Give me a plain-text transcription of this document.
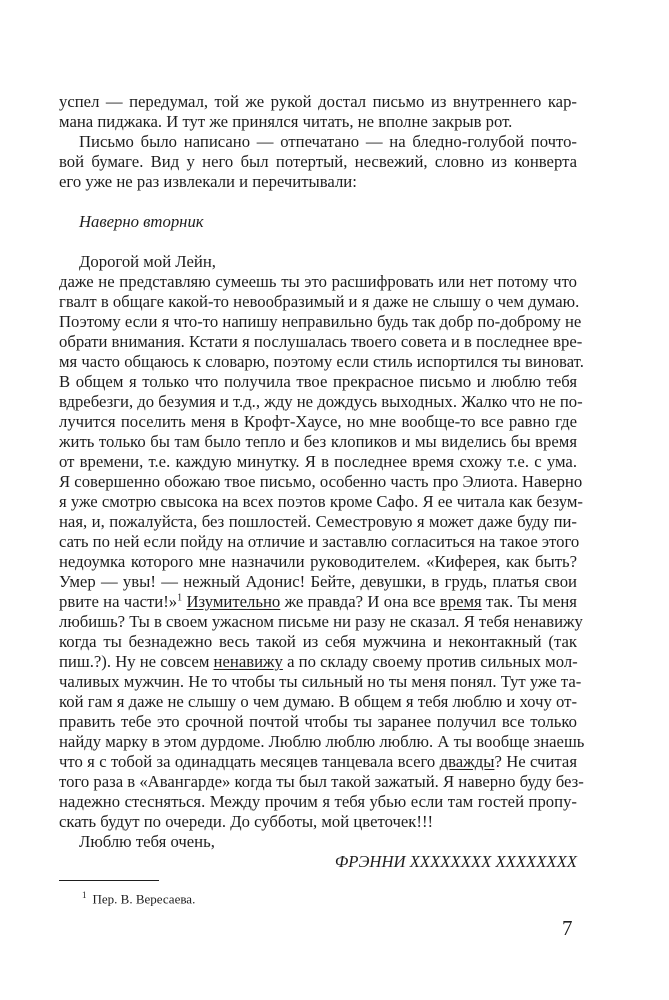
успел — передумал, той же рукой достал письмо из внутреннего кар-
мана пиджака. И тут же принялся читать, не вполне закрыв рот.
Письмо было написано — отпечатано — на бледно-голубой почто-
вой бумаге. Вид у него был потертый, несвежий, словно из конверта
его уже не раз извлекали и перечитывали:
Наверно вторник
Дорогой мой Лейн,
даже не представляю сумеешь ты это расшифровать или нет потому что
гвалт в общаге какой-то невообразимый и я даже не слышу о чем думаю.
Поэтому если я что-то напишу неправильно будь так добр по-доброму не
обрати внимания. Кстати я послушалась твоего совета и в последнее вре-
мя часто общаюсь к словарю, поэтому если стиль испортился ты виноват.
В общем я только что получила твое прекрасное письмо и люблю тебя
вдребезги, до безумия и т.д., жду не дождусь выходных. Жалко что не по-
лучится поселить меня в Крофт-Хаусе, но мне вообще-то все равно где
жить только бы там было тепло и без клопиков и мы виделись бы время
от времени, т.е. каждую минутку. Я в последнее время схожу т.е. с ума.
Я совершенно обожаю твое письмо, особенно часть про Элиота. Наверно
я уже смотрю свысока на всех поэтов кроме Сафо. Я ее читала как безум-
ная, и, пожалуйста, без пошлостей. Семестровую я может даже буду пи-
сать по ней если пойду на отличие и заставлю согласиться на такое этого
недоумка которого мне назначили руководителем. «Киферея, как быть?
Умер — увы! — нежный Адонис! Бейте, девушки, в грудь, платья свои
рвите на части!»$^1$ Изумительно же правда? И она все время так. Ты меня
любишь? Ты в своем ужасном письме ни разу не сказал. Я тебя ненавижу
когда ты безнадежно весь такой из себя мужчина и неконтакный (так
пиш.?). Ну не совсем ненавижу а по складу своему против сильных мол-
чаливых мужчин. Не то чтобы ты сильный но ты меня понял. Тут уже та-
кой гам я даже не слышу о чем думаю. В общем я тебя люблю и хочу от-
править тебе это срочной почтой чтобы ты заранее получил все только
найду марку в этом дурдоме. Люблю люблю люблю. А ты вообще знаешь
что я с тобой за одинадцать месяцев танцевала всего дважды? Не считая
того раза в «Авангарде» когда ты был такой зажатый. Я наверно буду без-
надежно стесняться. Между прочим я тебя убью если там гостей пропу-
скать будут по очереди. До субботы, мой цветочек!!!
Люблю тебя очень,
ФРЭННИ ХХХХХХХХ ХХХХХХХХ
$^1$ Пер. В. Вересаева.
7
